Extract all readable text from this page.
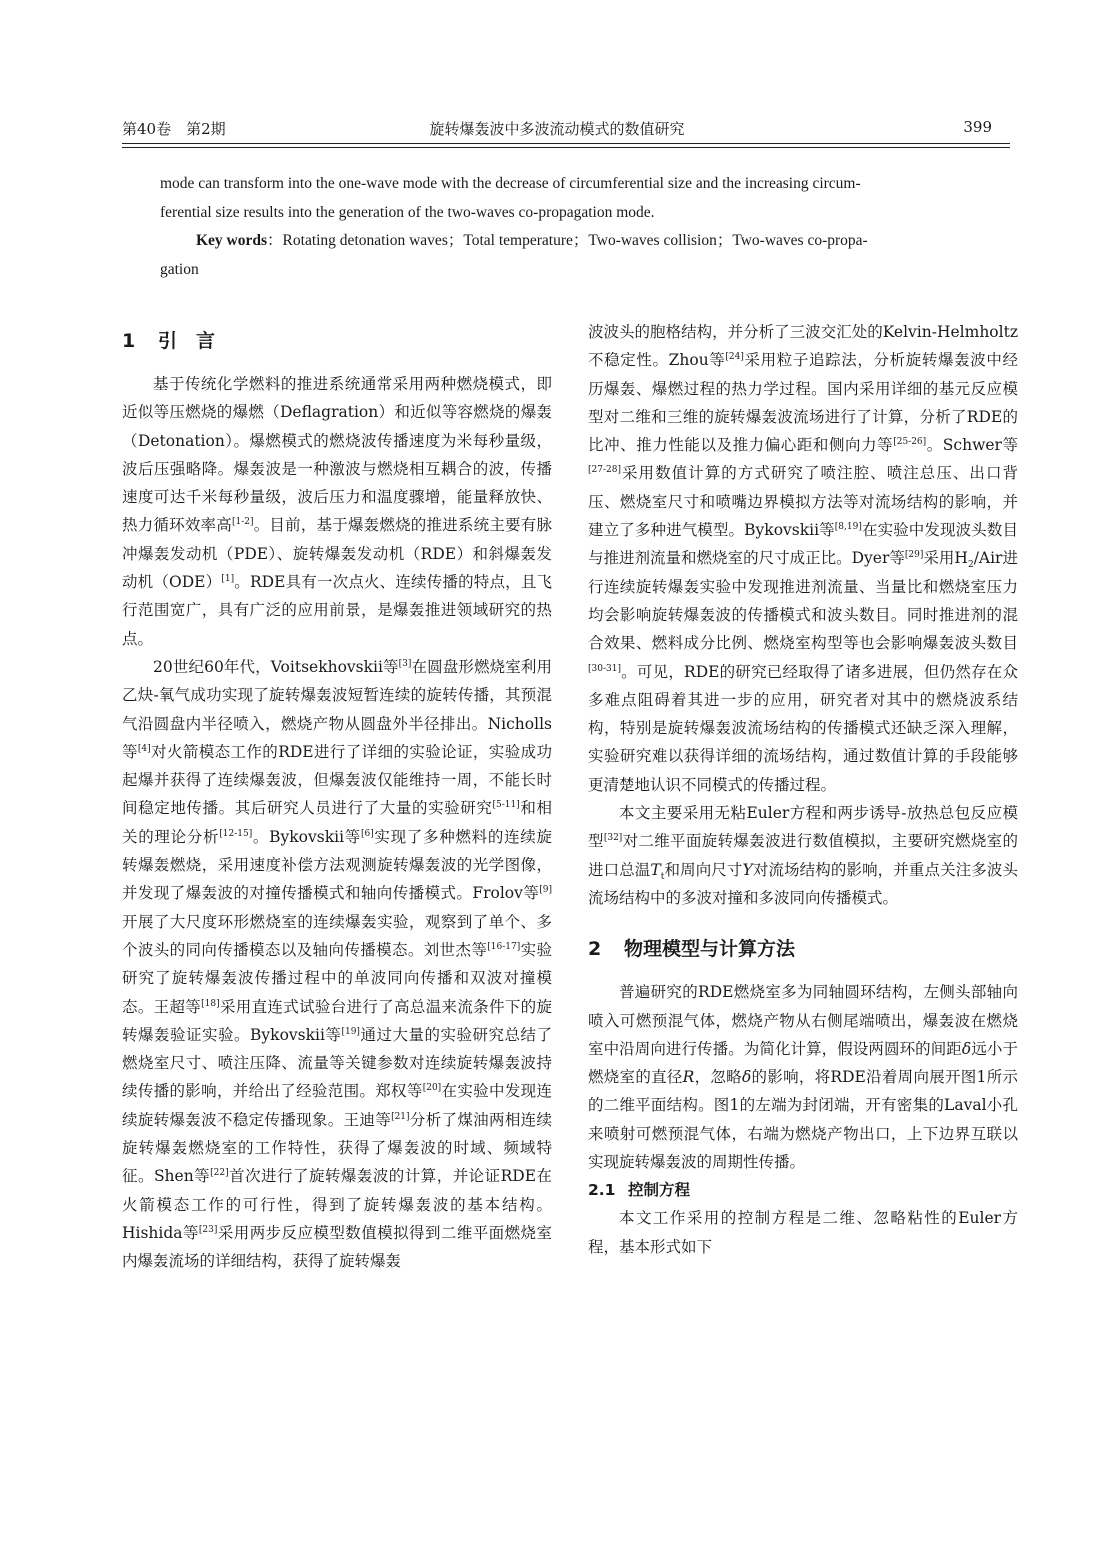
第40卷　第2期	旋转爆轰波中多波流动模式的数值研究	399

mode can transform into the one-wave mode with the decrease of circumferential size and the increasing circum-

ferential size results into the generation of the two-waves co-propagation mode.

Key words：Rotating detonation waves；Total temperature；Two-waves collision；Two-waves co-propa-

gation

1 引　言

基于传统化学燃料的推进系统通常采用两种燃烧模式，即近似等压燃烧的爆燃（Deflagration）和近似等容燃烧的爆轰（Detonation）。爆燃模式的燃烧波传播速度为米每秒量级，波后压强略降。爆轰波是一种激波与燃烧相互耦合的波，传播速度可达千米每秒量级，波后压力和温度骤增，能量释放快、热力循环效率高[1-2]。目前，基于爆轰燃烧的推进系统主要有脉冲爆轰发动机（PDE）、旋转爆轰发动机（RDE）和斜爆轰发动机（ODE）[1]。RDE具有一次点火、连续传播的特点，且飞行范围宽广，具有广泛的应用前景，是爆轰推进领域研究的热点。

20世纪60年代，Voitsekhovskii等[3]在圆盘形燃烧室利用乙炔-氧气成功实现了旋转爆轰波短暂连续的旋转传播，其预混气沿圆盘内半径喷入，燃烧产物从圆盘外半径排出。Nicholls等[4]对火箭模态工作的RDE进行了详细的实验论证，实验成功起爆并获得了连续爆轰波，但爆轰波仅能维持一周，不能长时间稳定地传播。其后研究人员进行了大量的实验研究[5-11]和相关的理论分析[12-15]。Bykovskii等[6]实现了多种燃料的连续旋转爆轰燃烧，采用速度补偿方法观测旋转爆轰波的光学图像，并发现了爆轰波的对撞传播模式和轴向传播模式。Frolov等[9]开展了大尺度环形燃烧室的连续爆轰实验，观察到了单个、多个波头的同向传播模态以及轴向传播模态。刘世杰等[16-17]实验研究了旋转爆轰波传播过程中的单波同向传播和双波对撞模态。王超等[18]采用直连式试验台进行了高总温来流条件下的旋转爆轰验证实验。Bykovskii等[19]通过大量的实验研究总结了燃烧室尺寸、喷注压降、流量等关键参数对连续旋转爆轰波持续传播的影响，并给出了经验范围。郑权等[20]在实验中发现连续旋转爆轰波不稳定传播现象。王迪等[21]分析了煤油两相连续旋转爆轰燃烧室的工作特性，获得了爆轰波的时域、频域特征。Shen等[22]首次进行了旋转爆轰波的计算，并论证RDE在火箭模态工作的可行性，得到了旋转爆轰波的基本结构。Hishida等[23]采用两步反应模型数值模拟得到二维平面燃烧室内爆轰流场的详细结构，获得了旋转爆轰

波波头的胞格结构，并分析了三波交汇处的Kelvin-Helmholtz不稳定性。Zhou等[24]采用粒子追踪法，分析旋转爆轰波中经历爆轰、爆燃过程的热力学过程。国内采用详细的基元反应模型对二维和三维的旋转爆轰波流场进行了计算，分析了RDE的比冲、推力性能以及推力偏心距和侧向力等[25-26]。Schwer等[27-28]采用数值计算的方式研究了喷注腔、喷注总压、出口背压、燃烧室尺寸和喷嘴边界模拟方法等对流场结构的影响，并建立了多种进气模型。Bykovskii等[8,19]在实验中发现波头数目与推进剂流量和燃烧室的尺寸成正比。Dyer等[29]采用$H_2$/Air进行连续旋转爆轰实验中发现推进剂流量、当量比和燃烧室压力均会影响旋转爆轰波的传播模式和波头数目。同时推进剂的混合效果、燃料成分比例、燃烧室构型等也会影响爆轰波头数目[30-31]。可见，RDE的研究已经取得了诸多进展，但仍然存在众多难点阻碍着其进一步的应用，研究者对其中的燃烧波系结构，特别是旋转爆轰波流场结构的传播模式还缺乏深入理解，实验研究难以获得详细的流场结构，通过数值计算的手段能够更清楚地认识不同模式的传播过程。

本文主要采用无粘Euler方程和两步诱导-放热总包反应模型[32]对二维平面旋转爆轰波进行数值模拟，主要研究燃烧室的进口总温$T_t$和周向尺寸Y对流场结构的影响，并重点关注多波头流场结构中的多波对撞和多波同向传播模式。

2 物理模型与计算方法

普遍研究的RDE燃烧室多为同轴圆环结构，左侧头部轴向喷入可燃预混气体，燃烧产物从右侧尾端喷出，爆轰波在燃烧室中沿周向进行传播。为简化计算，假设两圆环的间距δ远小于燃烧室的直径R，忽略δ的影响，将RDE沿着周向展开图1所示的二维平面结构。图1的左端为封闭端，开有密集的Laval小孔来喷射可燃预混气体，右端为燃烧产物出口，上下边界互联以实现旋转爆轰波的周期性传播。

2.1 控制方程

本文工作采用的控制方程是二维、忽略粘性的Euler方程，基本形式如下
